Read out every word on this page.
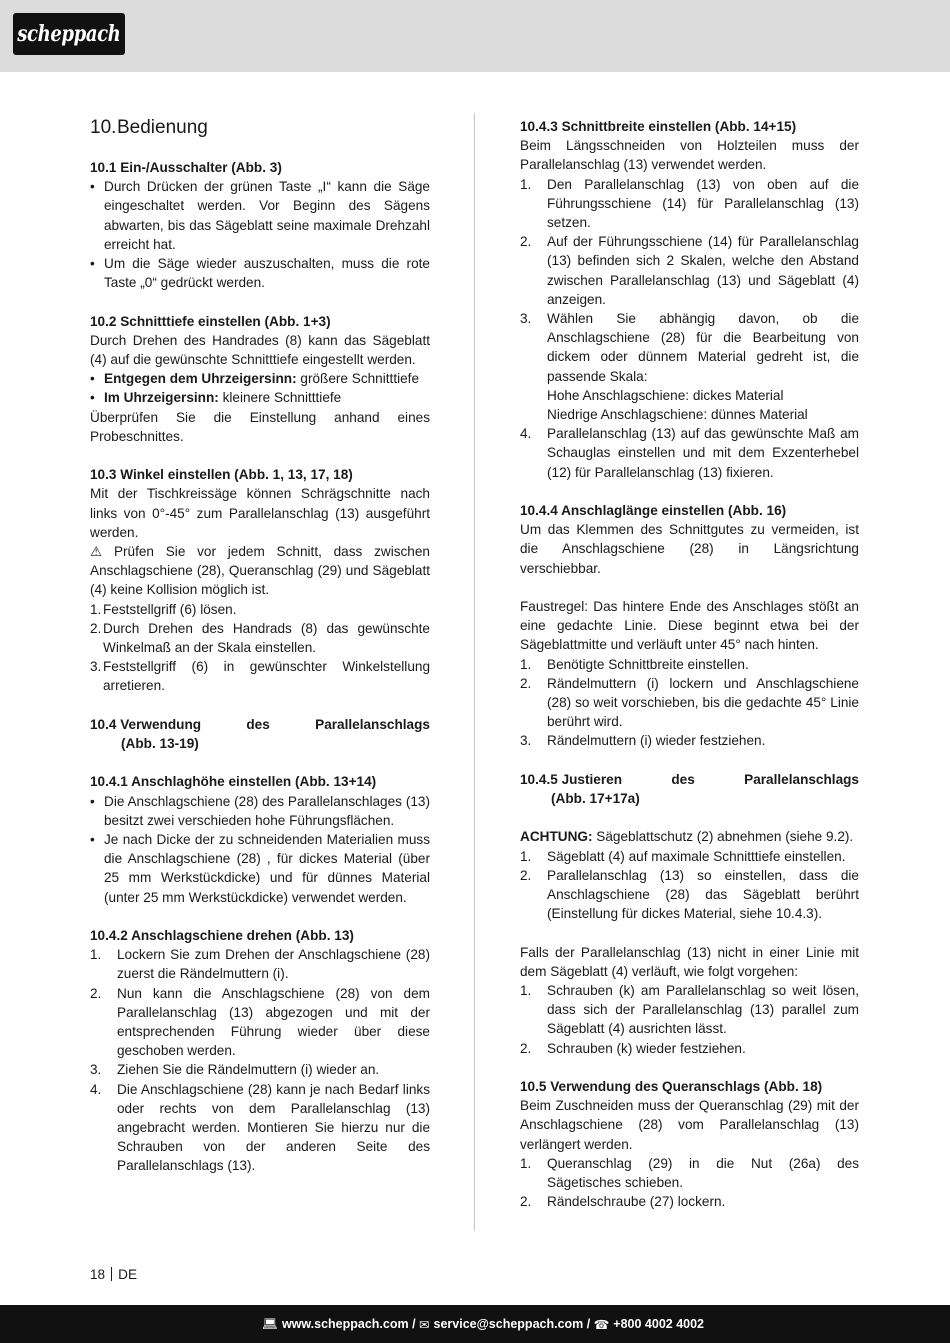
scheppach
10.Bedienung
10.1 Ein-/Ausschalter (Abb. 3)
• Durch Drücken der grünen Taste „I“ kann die Säge eingeschaltet werden. Vor Beginn des Sägens abwarten, bis das Sägeblatt seine maximale Drehzahl erreicht hat.
• Um die Säge wieder auszuschalten, muss die rote Taste „0“ gedrückt werden.
10.2 Schnitttiefe einstellen (Abb. 1+3)

Durch Drehen des Handrades (8) kann das Sägeblatt (4) auf die gewünschte Schnitttiefe eingestellt werden.

• Entgegen dem Uhrzeigersinn: größere Schnitttiefe
• Im Uhrzeigersinn: kleinere Schnitttiefe

Überprüfen Sie die Einstellung anhand eines Probeschnittes.

10.3 Winkel einstellen (Abb. 1, 13, 17, 18)

Mit der Tischkreissäge können Schrägschnitte nach links von 0°-45° zum Parallelanschlag (13) ausgeführt werden.

⚠ Prüfen Sie vor jedem Schnitt, dass zwischen Anschlagschiene (28), Queranschlag (29) und Sägeblatt (4) keine Kollision möglich ist.

1. Feststellgriff (6) lösen.
2. Durch Drehen des Handrads (8) das gewünschte Winkelmaß an der Skala einstellen.
3. Feststellgriff (6) in gewünschter Winkelstellung arretieren.
10.4 Verwendung	des	Parallelanschlags
(Abb. 13-19)
10.4.1 Anschlaghöhe einstellen (Abb. 13+14)
• Die Anschlagschiene (28) des Parallelanschlages (13) besitzt zwei verschieden hohe Führungsflächen.
• Je nach Dicke der zu schneidenden Materialien muss die Anschlagschiene (28) , für dickes Material (über 25 mm Werkstückdicke) und für dünnes Material (unter 25 mm Werkstückdicke) verwendet werden.
10.4.2 Anschlagschiene drehen (Abb. 13)
1. Lockern Sie zum Drehen der Anschlagschiene (28) zuerst die Rändelmuttern (i).
2. Nun kann die Anschlagschiene (28) von dem Parallelanschlag (13) abgezogen und mit der entsprechenden Führung wieder über diese geschoben werden.
3. Ziehen Sie die Rändelmuttern (i) wieder an.
4. Die Anschlagschiene (28) kann je nach Bedarf links oder rechts von dem Parallelanschlag (13) angebracht werden. Montieren Sie hierzu nur die Schrauben von der anderen Seite des Parallelanschlags (13).
10.4.3 Schnittbreite einstellen (Abb. 14+15)

Beim Längsschneiden von Holzteilen muss der Parallelanschlag (13) verwendet werden.

1. Den Parallelanschlag (13) von oben auf die Führungsschiene (14) für Parallelanschlag (13) setzen.
2. Auf der Führungsschiene (14) für Parallelanschlag (13) befinden sich 2 Skalen, welche den Abstand zwischen Parallelanschlag (13) und Sägeblatt (4) anzeigen.
3. Wählen Sie abhängig davon, ob die Anschlagschiene (28) für die Bearbeitung von dickem oder dünnem Material gedreht ist, die passende Skala:
Hohe Anschlagschiene: dickes Material
Niedrige Anschlagschiene: dünnes Material
4. Parallelanschlag (13) auf das gewünschte Maß am Schauglas einstellen und mit dem Exzenterhebel (12) für Parallelanschlag (13) fixieren.
10.4.4 Anschlaglänge einstellen (Abb. 16)

Um das Klemmen des Schnittgutes zu vermeiden, ist die Anschlagschiene (28) in Längsrichtung verschiebbar.

Faustregel: Das hintere Ende des Anschlages stößt an eine gedachte Linie. Diese beginnt etwa bei der Sägeblattmitte und verläuft unter 45° nach hinten.

1. Benötigte Schnittbreite einstellen.
2. Rändelmuttern (i) lockern und Anschlagschiene (28) so weit vorschieben, bis die gedachte 45° Linie berührt wird.
3. Rändelmuttern (i) wieder festziehen.
10.4.5 Justieren	des	Parallelanschlags
(Abb. 17+17a)

ACHTUNG: Sägeblattschutz (2) abnehmen (siehe 9.2).

1. Sägeblatt (4) auf maximale Schnitttiefe einstellen.
2. Parallelanschlag (13) so einstellen, dass die Anschlagschiene (28) das Sägeblatt berührt (Einstellung für dickes Material, siehe 10.4.3).

Falls der Parallelanschlag (13) nicht in einer Linie mit dem Sägeblatt (4) verläuft, wie folgt vorgehen:

1. Schrauben (k) am Parallelanschlag so weit lösen, dass sich der Parallelanschlag (13) parallel zum Sägeblatt (4) ausrichten lässt.
2. Schrauben (k) wieder festziehen.
10.5 Verwendung des Queranschlags (Abb. 18)

Beim Zuschneiden muss der Queranschlag (29) mit der Anschlagschiene (28) vom Parallelanschlag (13) verlängert werden.

1. Queranschlag (29) in die Nut (26a) des Sägetisches schieben.
2. Rändelschraube (27) lockern.
18 DE
💻︎ www.scheppach.com / ✉ service@scheppach.com / ☎ +800 4002 4002
